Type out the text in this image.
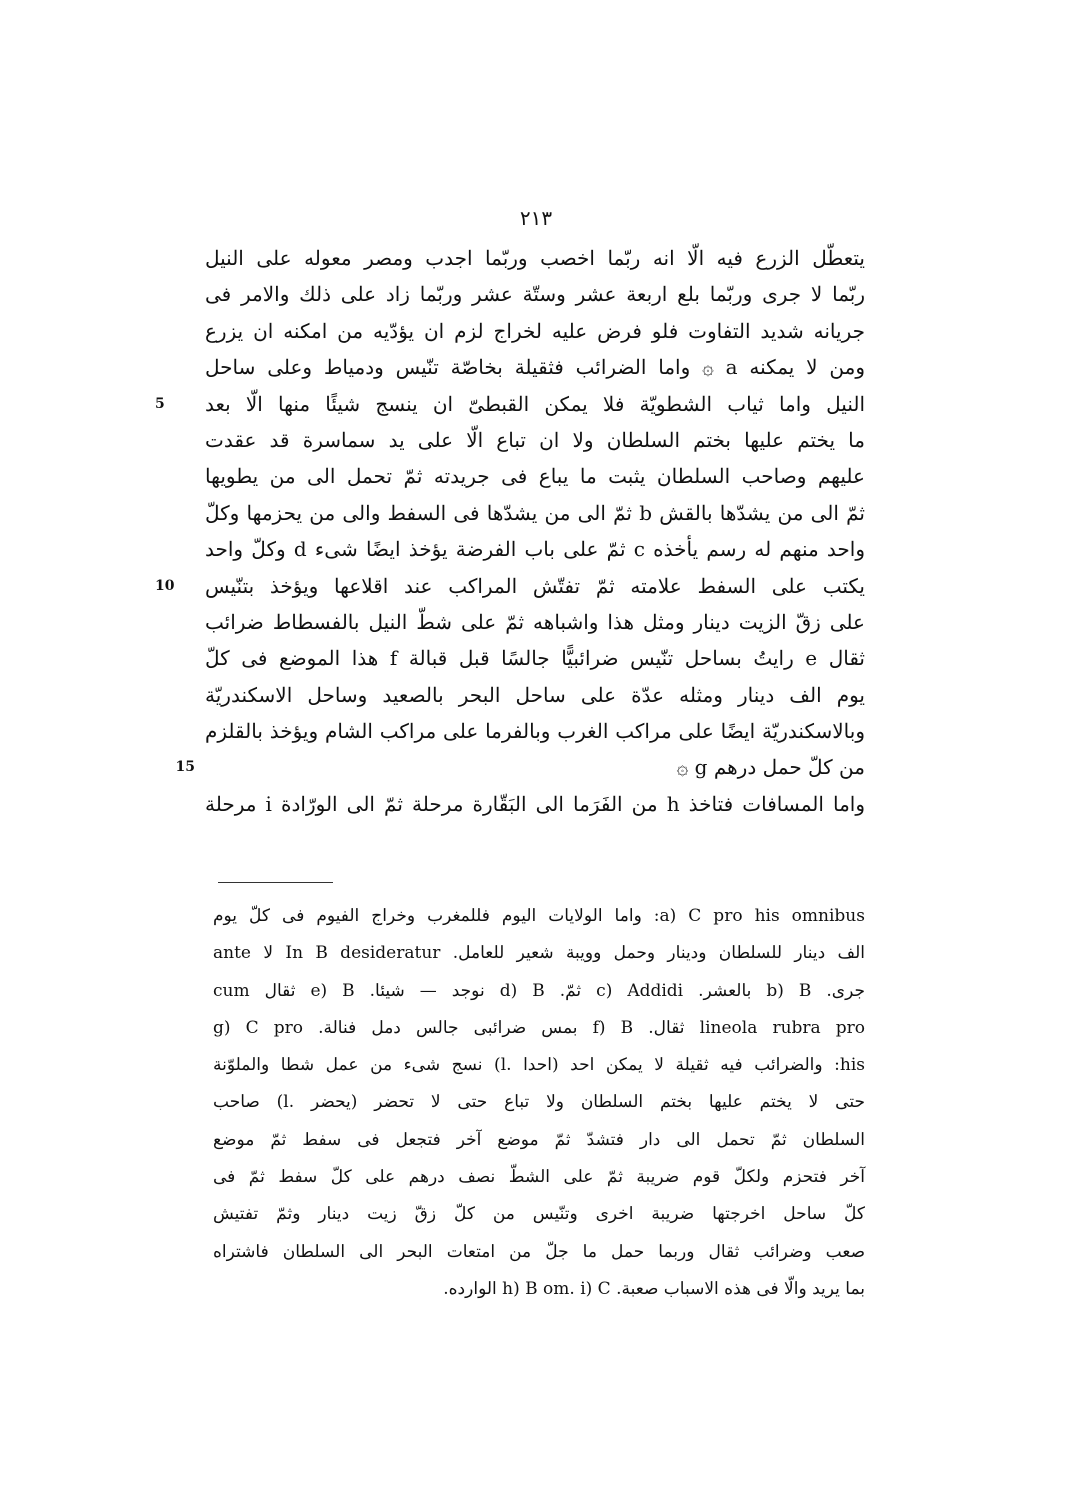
۲۱۳
يتعطّل الزرع فيه الّا انه ربّما اخصب وربّما اجدب ومصر معوله على النيل
ربّما لا جرى وربّما بلع اربعة عشر وستّة عشر وربّما زاد على ذلك والامر فى
جريانه شديد التفاوت فلو فرض عليه لخراج لزم ان يؤدّيه من امكنه ان يزرع
ومن لا يمكنه a ۞ واما الضرائب فثقيلة بخاصّة تنّيس ودمياط وعلى ساحل
النيل واما ثياب الشطويّة فلا يمكن القبطىّ ان ينسج شيئًا منها الّا بعد
5
ما يختم عليها بختم السلطان ولا ان تباع الّا على يد سماسرة قد عقدت
عليهم وصاحب السلطان يثبت ما يباع فى جريدته ثمّ تحمل الى من يطويها
ثمّ الى من يشدّها بالقش b ثمّ الى من يشدّها فى السفط والى من يحزمها وكلّ
واحد منهم له رسم يأخذه c ثمّ على باب الفرضة يؤخذ ايضًا شىء d وكلّ واحد
يكتب على السفط علامته ثمّ تفتّش المراكب عند اقلاعها ويؤخذ بتنّيس
10
على زقّ الزيت دينار ومثل هذا واشباهه ثمّ على شطّ النيل بالفسطاط ضرائب
ثقال e رايتُ بساحل تنّيس ضرائبيًّا جالسًا قبل قبالة f هذا الموضع فى كلّ
يوم الف دينار ومثله عدّة على ساحل البحر بالصعيد وساحل الاسكندريّة
وبالاسكندريّة ايضًا على مراكب الغرب وبالفرما على مراكب الشام ويؤخذ بالقلزم
من كلّ حمل درهم g ۞
15
واما المسافات فتاخذ h من الفَرَما الى البَقّارة مرحلة ثمّ الى الورّادة i مرحلة
a) C pro his omnibus: واما الولايات اليوم فللمغرب وخراج الفيوم فى كلّ يوم
الف دينار للسلطان ودينار وحمل وويبة شعير للعامل. In B desideratur لا ante
جرى. b) B بالعشر. c) Addidi ثمّ. d) B نوجد — شيئا. e) B ثقال cum
lineola rubra pro ثقال. f) B بمس ضرائبى جالس دمل فنالة. g) C pro
his: والضرائب فيه ثقيلة لا يمكن احد (احدا .l) نسج شىء من عمل شطا والملوّنة
حتى لا يختم عليها بختم السلطان ولا تباع حتى لا تحضر (يحضر .l) صاحب
السلطان ثمّ تحمل الى دار فتشدّ ثمّ موضع آخر فتجعل فى سفط ثمّ موضع
آخر فتحزم ولكلّ قوم ضريبة ثمّ على الشطّ نصف درهم على كلّ سفط ثمّ فى
كلّ ساحل اخرجتها ضريبة اخرى وتنّيس من كلّ زقّ زيت دينار وثمّ تفتيش
صعب وضرائب ثقال وربما حمل ما جلّ من امتعات البحر الى السلطان فاشتراه
بما يريد والّا فى هذه الاسباب صعبة. h) B om. i) C الوارده.
